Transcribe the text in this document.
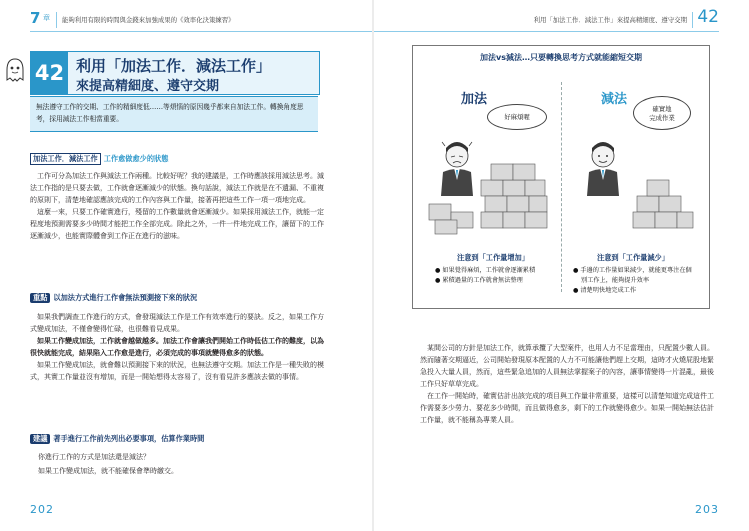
7 章 能夠利用有限的時間與金錢來加強成果的《效率化決策練習》
42 利用「加法工作．減法工作」
來提高精細度、遵守交期
無法遵守工作的交期、工作的精細度低……等煩惱的原因幾乎都來自加法工作。轉換角度思考，採用減法工作相當重要。
加法工作．減法工作 工作愈做愈少的狀態

工作可分為加法工作與減法工作兩種。比較好呢？我的建議是，工作時應該採用減法思考。減法工作指的是只要去做，工作就會逐漸減少的狀態。換句話說，減法工作就是在不遺漏、不重複的原則下，清楚地確認應該完成的工作內容與工作量，接著再把這些工作一項一項地完成。

這麼一來，只要工作確實進行，殘留的工作數量就會逐漸減少。如果採用減法工作，就能一定程度地預測需要多少時間才能把工作全部完成。除此之外，一件一件地完成工作，讓留下的工作逐漸減少，也能實際體會到工作正在進行的滋味。

重點 以加法方式進行工作會無法預測接下來的狀況

如果我們調查工作進行的方式，會發現減法工作是工作有效率進行的要訣。反之，如果工作方式變成加法，不僅會變得忙碌，也很難看見成果。

如果工作變成加法，工作就會越做越多。加法工作會讓我們開始工作時低估工作的難度，以為很快就能完成，結果陷入工作愈是進行，必須完成的事項就變得愈多的狀態。

如果工作變成加法，就會難以預測接下來的狀況，也無法遵守交期。加法工作是一種失敗的模式，其實工作量並沒有增加，而是一開始想得太容易了，沒有看見許多應該去做的事情。

建議 著手進行工作前先列出必要事項，估算作業時間
你進行工作的方式是加法還是減法？
如果工作變成加法，就不能確保會準時繳交。
202
利用「加法工作．減法工作」來提高精細度、遵守交期 42
加法vs減法…只要轉換思考方式就能縮短交期
加法
好麻煩喔
減法
確實地
完成作業
注意到「工作量增加」
● 如果覺得麻煩，工作就會逐漸累積
● 累積過量的工作就會無法整理
注意到「工作量減少」
● 手邊的工作量如果減少，就能更專注在個別工作上，能夠提升效率
● 清楚明快地完成工作

某間公司的方針是加法工作，就算承攬了大型案件，也用人力不足當理由，只配置少數人員。然而隨著交期逼近，公司開始發現原本配置的人力不可能讓他們趕上交期，這時才火燒屁股地緊急投入大量人員，然而，這些緊急追加的人員無法掌握案子的內容，讓事情變得一片混亂，最後工作只好草草完成。

在工作一開始時，確實估計出該完成的項目與工作量非常重要，這樣可以清楚知道完成這件工作需要多少勞力、要花多少時間，而且做得愈多，剩下的工作就變得愈少。如果一開始無法估計工作量，就不能稱為專業人員。

203
